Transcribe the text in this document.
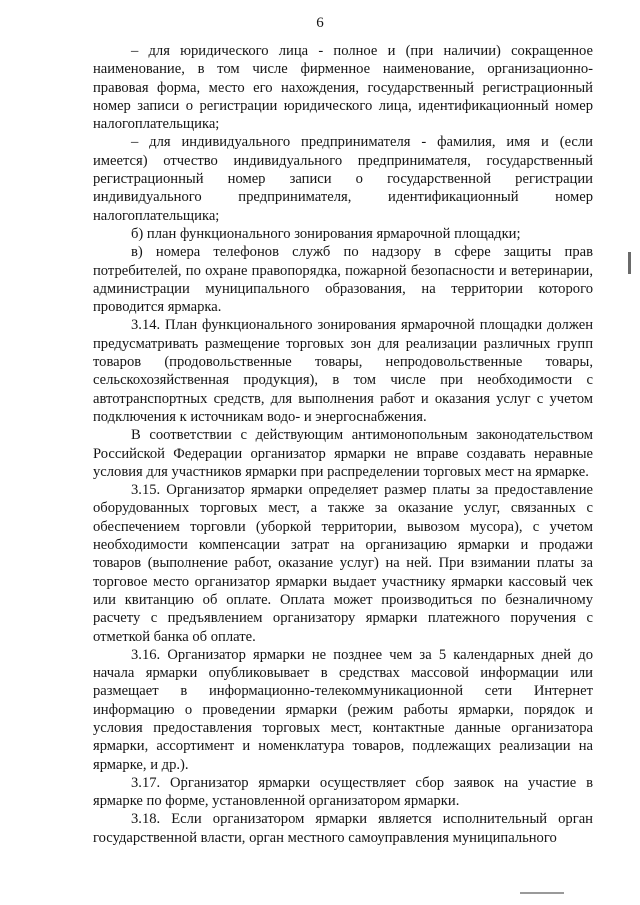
6

– для юридического лица - полное и (при наличии) сокращенное наименование, в том числе фирменное наименование, организационно-правовая форма, место его нахождения, государственный регистрационный номер записи о регистрации юридического лица, идентификационный номер налогоплательщика;

– для индивидуального предпринимателя - фамилия, имя и (если имеется) отчество индивидуального предпринимателя, государственный регистрационный номер записи о государственной регистрации индивидуального предпринимателя, идентификационный номер налогоплательщика;

б) план функционального зонирования ярмарочной площадки;

в) номера телефонов служб по надзору в сфере защиты прав потребителей, по охране правопорядка, пожарной безопасности и ветеринарии, администрации муниципального образования, на территории которого проводится ярмарка.

3.14. План функционального зонирования ярмарочной площадки должен предусматривать размещение торговых зон для реализации различных групп товаров (продовольственные товары, непродовольственные товары, сельскохозяйственная продукция), в том числе при необходимости с автотранспортных средств, для выполнения работ и оказания услуг с учетом подключения к источникам водо- и энергоснабжения.

В соответствии с действующим антимонопольным законодательством Российской Федерации организатор ярмарки не вправе создавать неравные условия для участников ярмарки при распределении торговых мест на ярмарке.

3.15. Организатор ярмарки определяет размер платы за предоставление оборудованных торговых мест, а также за оказание услуг, связанных с обеспечением торговли (уборкой территории, вывозом мусора), с учетом необходимости компенсации затрат на организацию ярмарки и продажи товаров (выполнение работ, оказание услуг) на ней. При взимании платы за торговое место организатор ярмарки выдает участнику ярмарки кассовый чек или квитанцию об оплате. Оплата может производиться по безналичному расчету с предъявлением организатору ярмарки платежного поручения с отметкой банка об оплате.

3.16. Организатор ярмарки не позднее чем за 5 календарных дней до начала ярмарки опубликовывает в средствах массовой информации или размещает в информационно-телекоммуникационной сети Интернет информацию о проведении ярмарки (режим работы ярмарки, порядок и условия предоставления торговых мест, контактные данные организатора ярмарки, ассортимент и номенклатура товаров, подлежащих реализации на ярмарке, и др.).

3.17. Организатор ярмарки осуществляет сбор заявок на участие в ярмарке по форме, установленной организатором ярмарки.

3.18. Если организатором ярмарки является исполнительный орган государственной власти, орган местного самоуправления муниципального
